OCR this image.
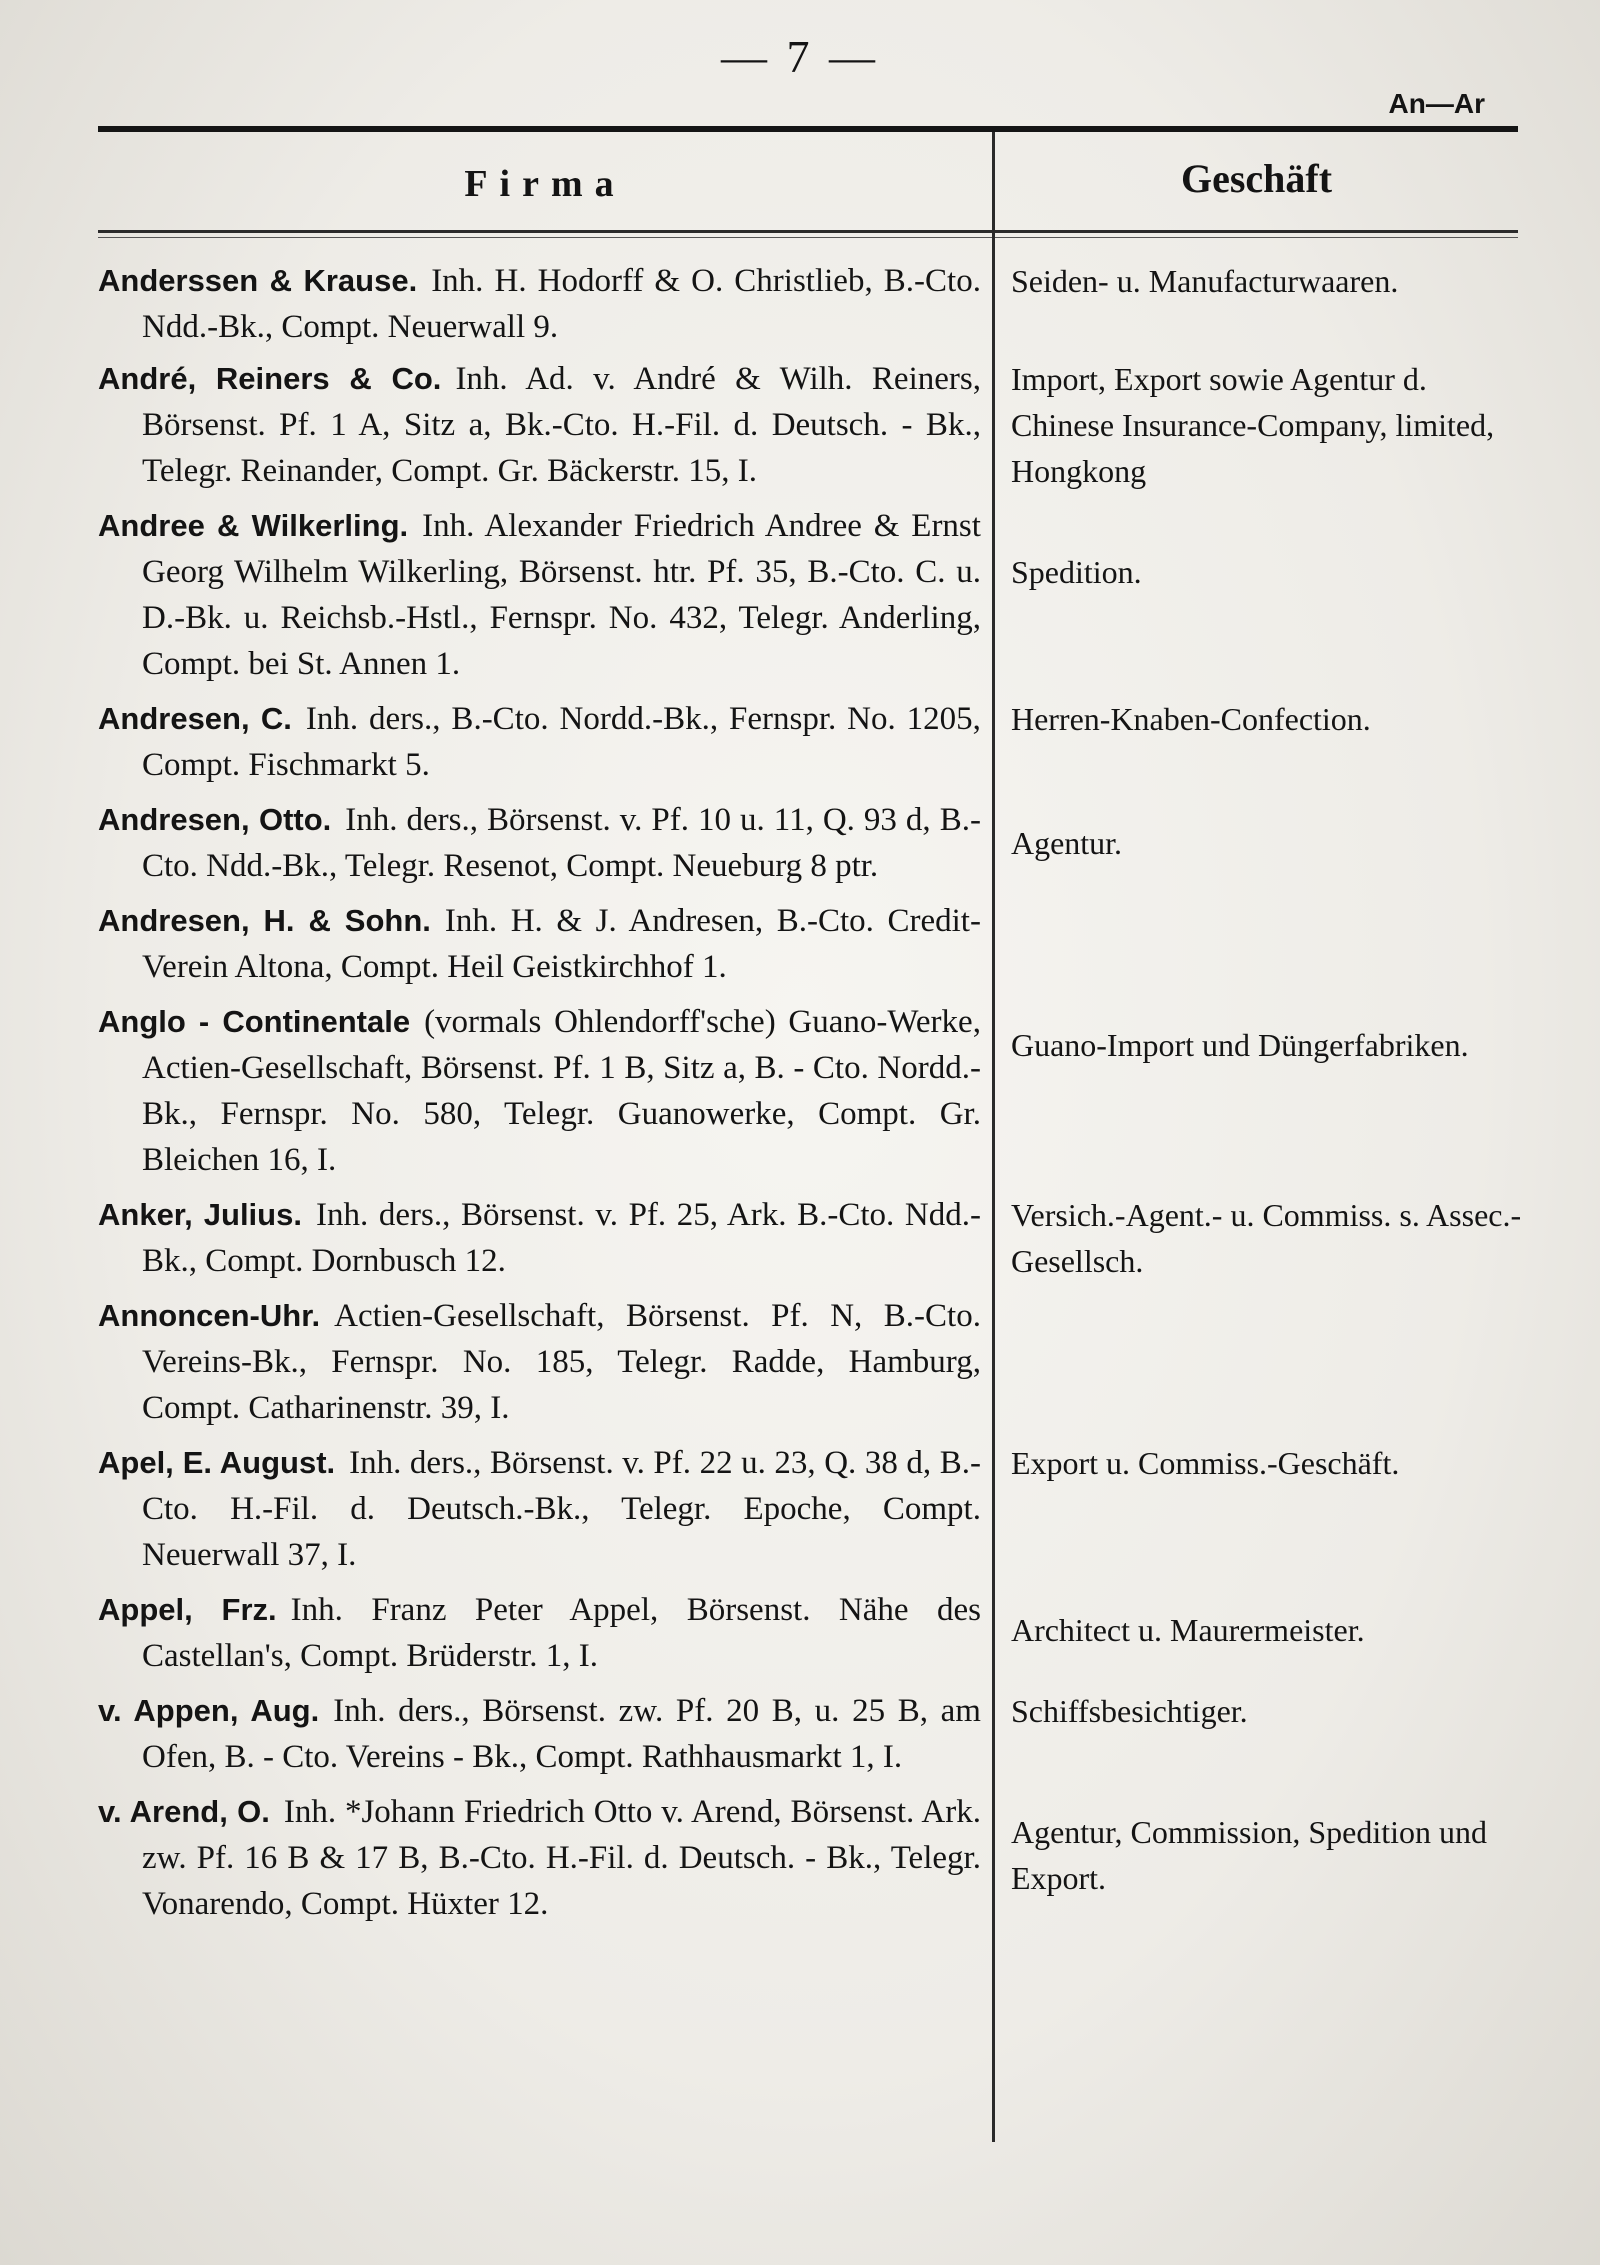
— 7 —
An—Ar
Firma	Geschäft
Anderssen & Krause. Inh. H. Hodorff & O. Christlieb, B.-Cto. Ndd.-Bk., Compt. Neuerwall 9.
Seiden- u. Manufacturwaaren.
André, Reiners & Co. Inh. Ad. v. André & Wilh. Reiners, Börsenst. Pf. 1 A, Sitz a, Bk.-Cto. H.-Fil. d. Deutsch. - Bk., Telegr. Reinander, Compt. Gr. Bäckerstr. 15, I.
Import, Export sowie Agentur d. Chinese Insurance-Company, limited, Hongkong
Andree & Wilkerling. Inh. Alexander Friedrich Andree & Ernst Georg Wilhelm Wilkerling, Börsenst. htr. Pf. 35, B.-Cto. C. u. D.-Bk. u. Reichsb.-Hstl., Fernspr. No. 432, Telegr. Anderling, Compt. bei St. Annen 1.
Spedition.
Andresen, C. Inh. ders., B.-Cto. Nordd.-Bk., Fernspr. No. 1205, Compt. Fischmarkt 5.
Herren-Knaben-Confection.
Andresen, Otto. Inh. ders., Börsenst. v. Pf. 10 u. 11, Q. 93 d, B.-Cto. Ndd.-Bk., Telegr. Resenot, Compt. Neueburg 8 ptr.
Agentur.
Andresen, H. & Sohn. Inh. H. & J. Andresen, B.-Cto. Credit-Verein Altona, Compt. Heil Geistkirchhof 1.
Anglo - Continentale (vormals Ohlendorff'sche) Guano-Werke, Actien-Gesellschaft, Börsenst. Pf. 1 B, Sitz a, B. - Cto. Nordd.-Bk., Fernspr. No. 580, Telegr. Guanowerke, Compt. Gr. Bleichen 16, I.
Guano-Import und Düngerfabriken.
Anker, Julius. Inh. ders., Börsenst. v. Pf. 25, Ark. B.-Cto. Ndd.-Bk., Compt. Dornbusch 12.
Versich.-Agent.- u. Commiss. s. Assec.-Gesellsch.
Annoncen-Uhr. Actien-Gesellschaft, Börsenst. Pf. N, B.-Cto. Vereins-Bk., Fernspr. No. 185, Telegr. Radde, Hamburg, Compt. Catharinenstr. 39, I.
Apel, E. August. Inh. ders., Börsenst. v. Pf. 22 u. 23, Q. 38 d, B.-Cto. H.-Fil. d. Deutsch.-Bk., Telegr. Epoche, Compt. Neuerwall 37, I.
Export u. Commiss.-Geschäft.
Appel, Frz. Inh. Franz Peter Appel, Börsenst. Nähe des Castellan's, Compt. Brüderstr. 1, I.
Architect u. Maurermeister.
v. Appen, Aug. Inh. ders., Börsenst. zw. Pf. 20 B, u. 25 B, am Ofen, B. - Cto. Vereins - Bk., Compt. Rathhausmarkt 1, I.
Schiffsbesichtiger.
v. Arend, O. Inh. *Johann Friedrich Otto v. Arend, Börsenst. Ark. zw. Pf. 16 B & 17 B, B.-Cto. H.-Fil. d. Deutsch. - Bk., Telegr. Vonarendo, Compt. Hüxter 12.
Agentur, Commission, Spedition und Export.
